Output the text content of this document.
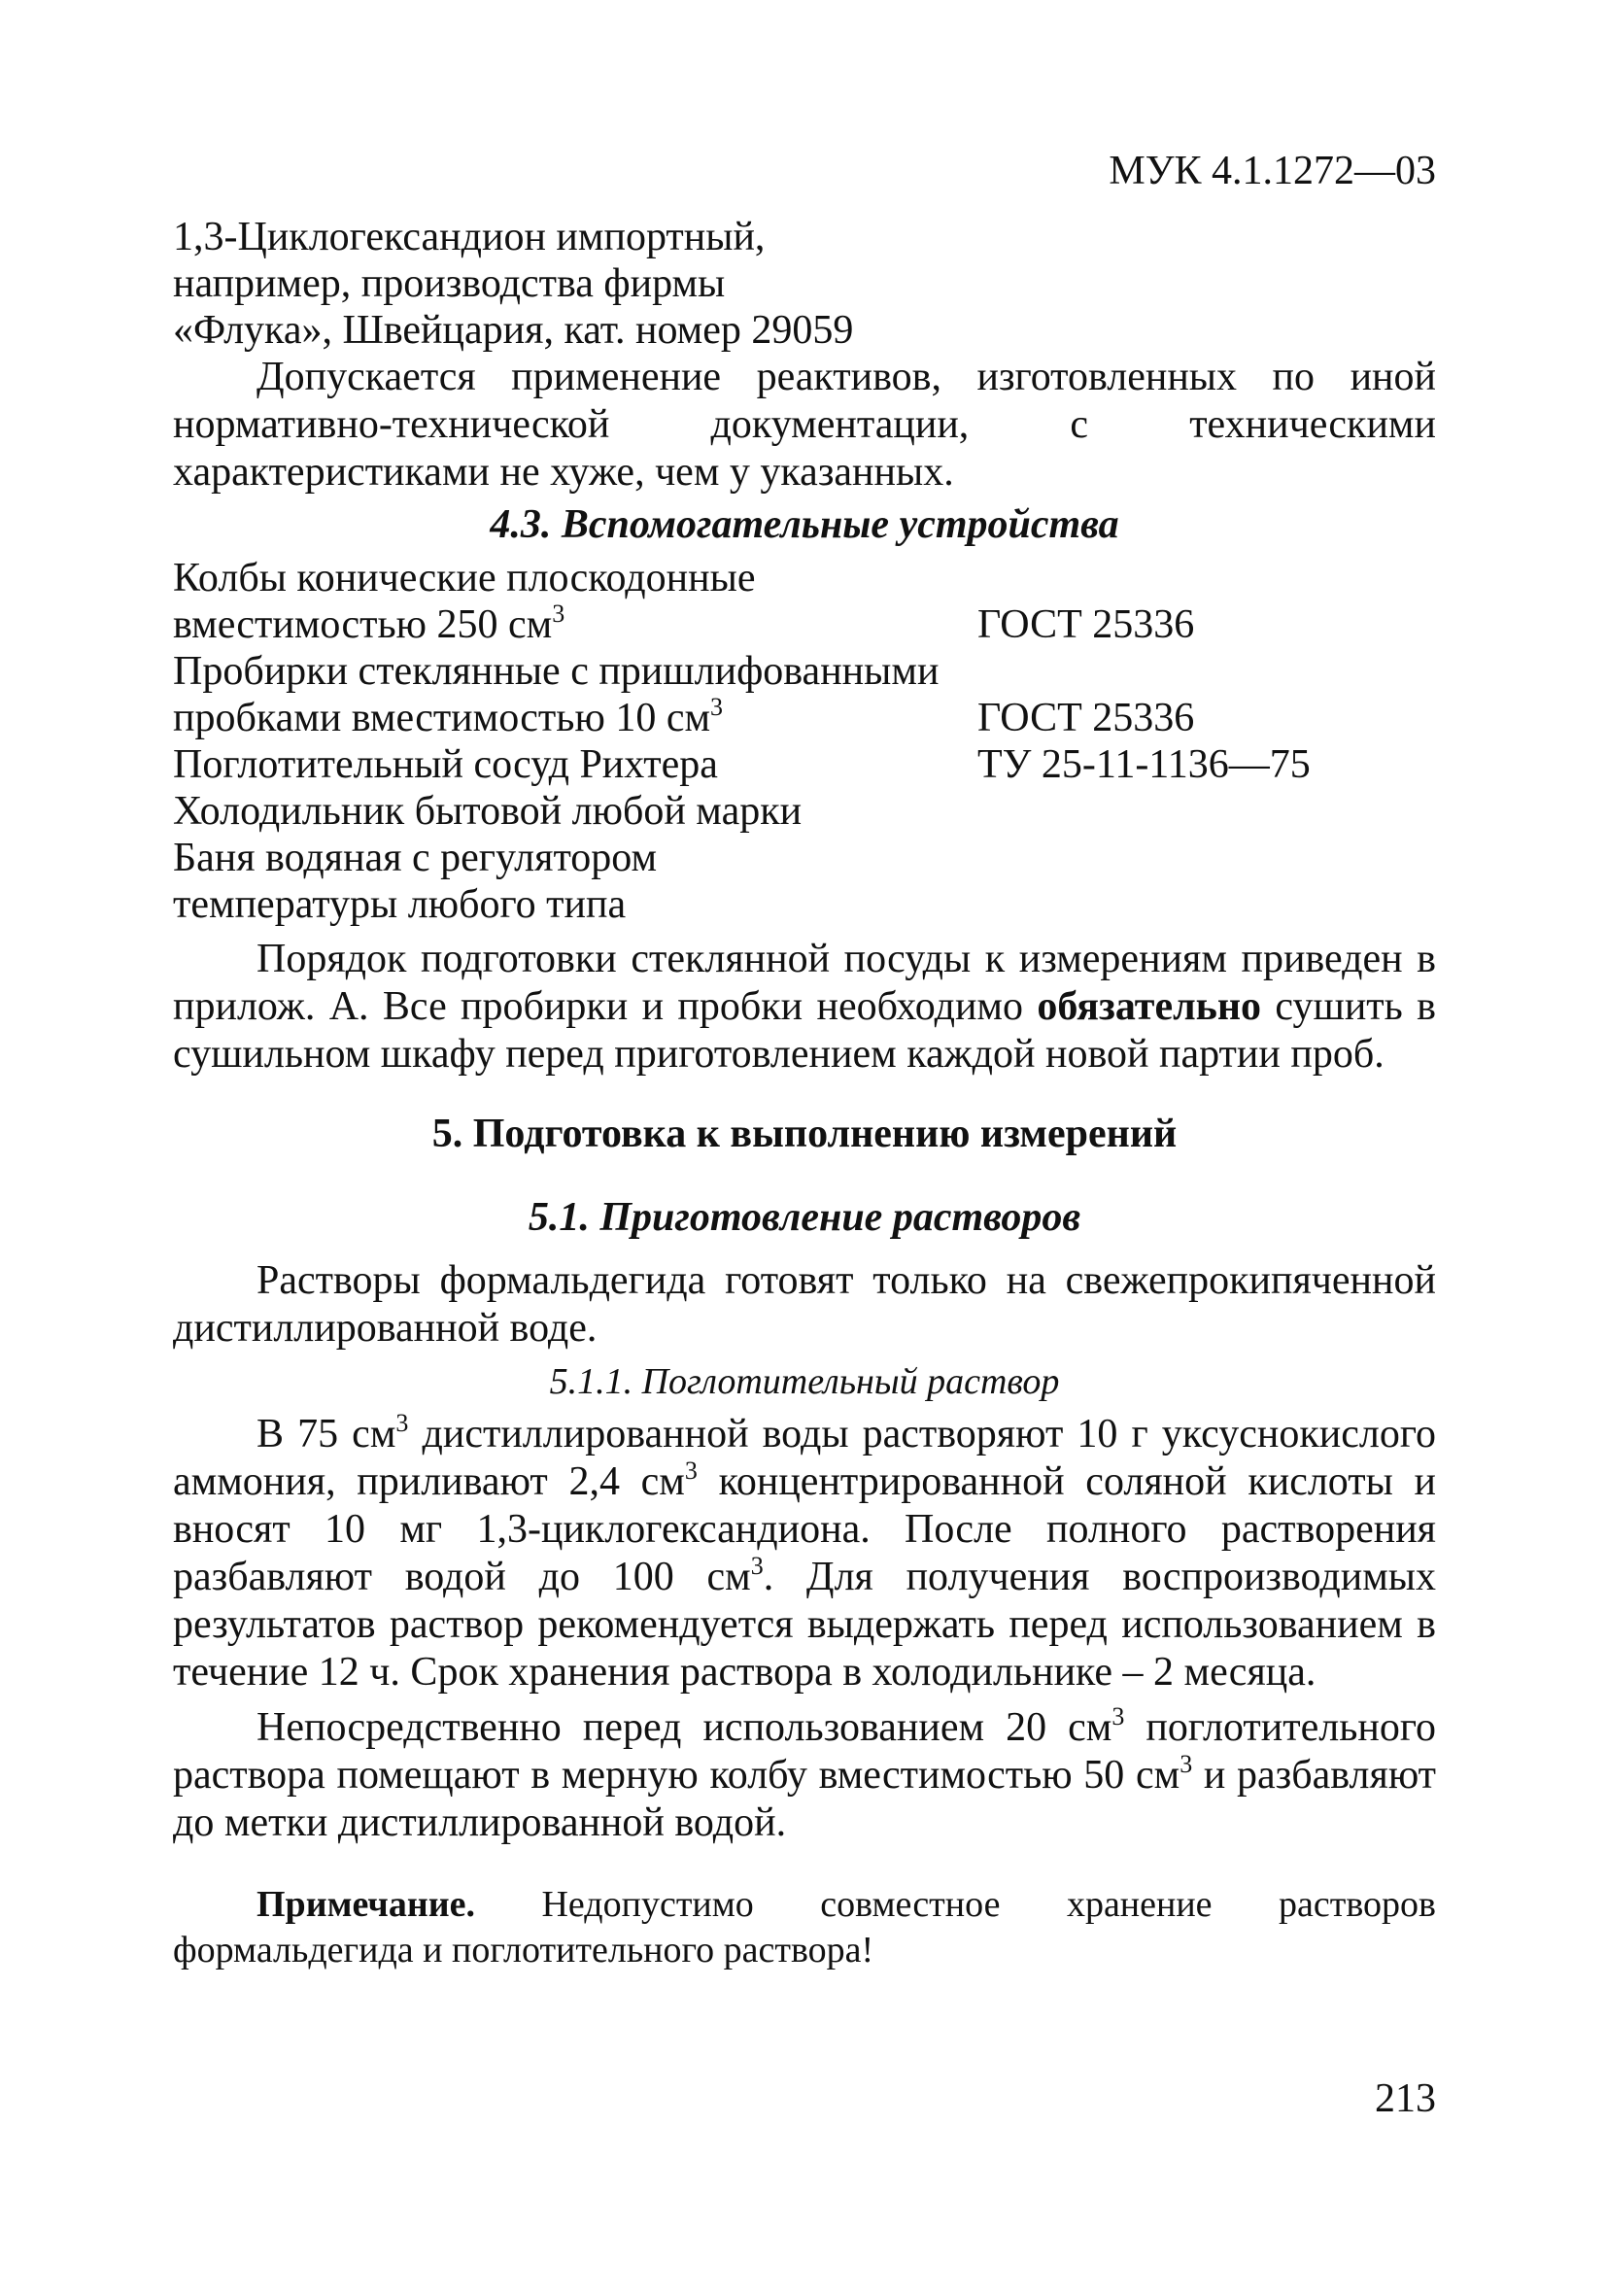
МУК 4.1.1272—03
1,3-Циклогександион импортный,
например, производства фирмы
«Флука», Швейцария, кат. номер 29059

Допускается применение реактивов, изготовленных по иной нормативно-технической документации, с техническими характеристиками не хуже, чем у указанных.

4.3. Вспомогательные устройства
Колбы конические плоскодонные	
вместимостью 250 $см^3$	ГОСТ 25336
Пробирки стеклянные с пришлифованными	
пробками вместимостью 10 $см^3$	ГОСТ 25336
Поглотительный сосуд Рихтера	ТУ 25-11-1136—75
Холодильник бытовой любой марки	
Баня водяная с регулятором	
температуры любого типа	

Порядок подготовки стеклянной посуды к измерениям приведен в прилож. А. Все пробирки и пробки необходимо обязательно сушить в сушильном шкафу перед приготовлением каждой новой партии проб.

5. Подготовка к выполнению измерений
5.1. Приготовление растворов

Растворы формальдегида готовят только на свежепрокипяченной дистиллированной воде.

5.1.1. Поглотительный раствор

В 75 $см^3$ дистиллированной воды растворяют 10 г уксуснокислого аммония, приливают 2,4 $см^3$ концентрированной соляной кислоты и вносят 10 мг 1,3-циклогександиона. После полного растворения разбавляют водой до 100 $см^3$. Для получения воспроизводимых результатов раствор рекомендуется выдержать перед использованием в течение 12 ч. Срок хранения раствора в холодильнике – 2 месяца.

Непосредственно перед использованием 20 $см^3$ поглотительного раствора помещают в мерную колбу вместимостью 50 $см^3$ и разбавляют до метки дистиллированной водой.

Примечание. Недопустимо совместное хранение растворов формальдегида и поглотительного раствора!

213
